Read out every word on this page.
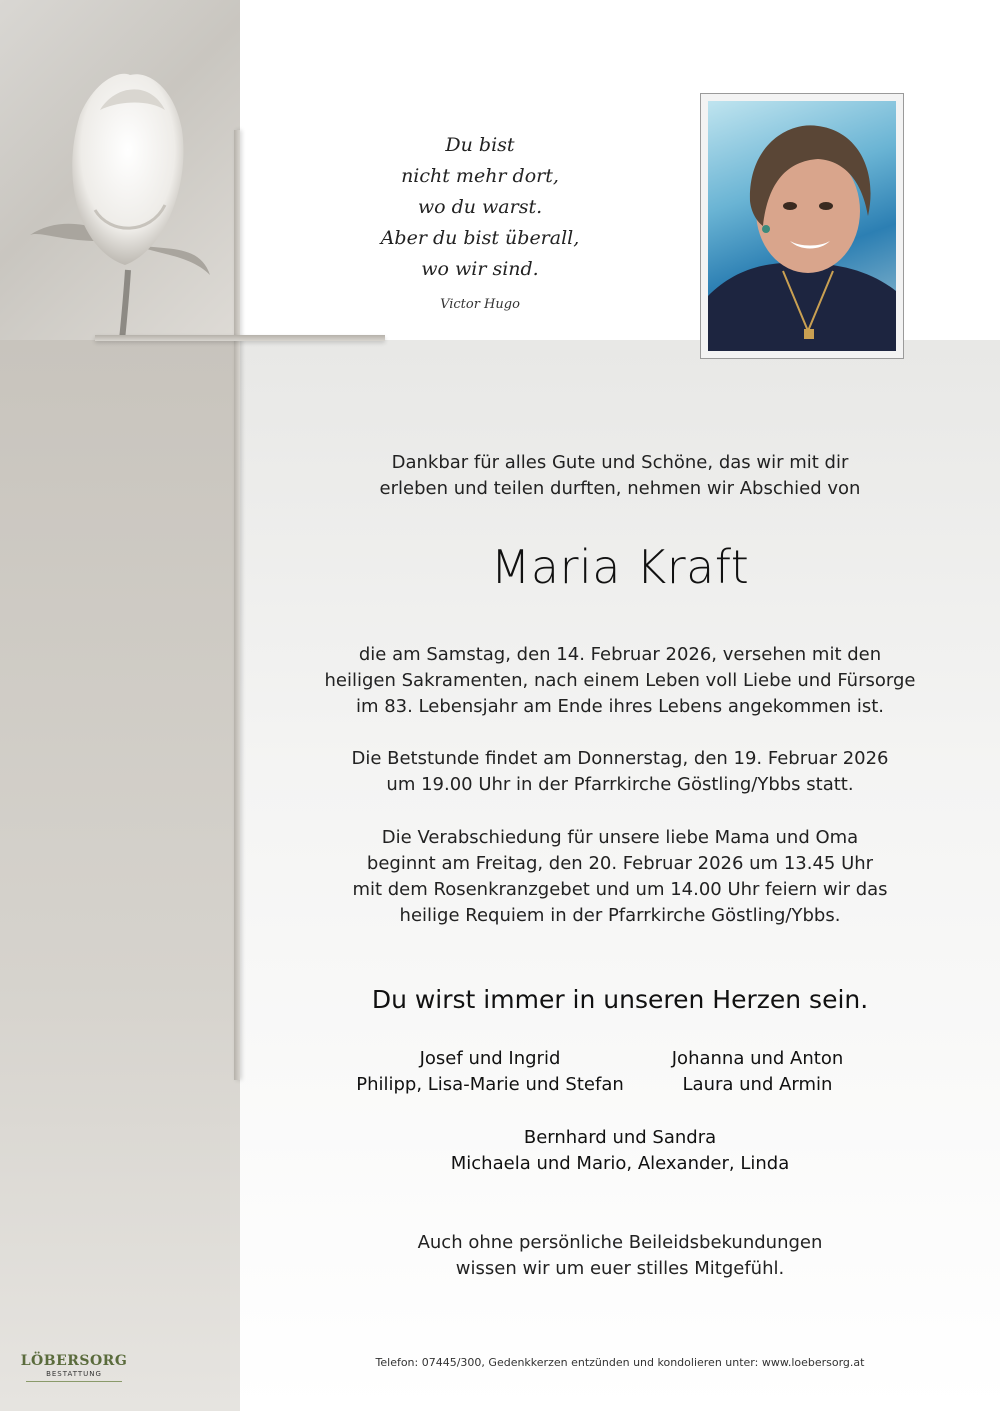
Du bist
nicht mehr dort,
wo du warst.
Aber du bist überall,
wo wir sind.
Victor Hugo
Dankbar für alles Gute und Schöne, das wir mit dir
erleben und teilen durften, nehmen wir Abschied von
Maria Kraft
die am Samstag, den 14. Februar 2026, versehen mit den
heiligen Sakramenten, nach einem Leben voll Liebe und Fürsorge
im 83. Lebensjahr am Ende ihres Lebens angekommen ist.
Die Betstunde findet am Donnerstag, den 19. Februar 2026
um 19.00 Uhr in der Pfarrkirche Göstling/Ybbs statt.
Die Verabschiedung für unsere liebe Mama und Oma
beginnt am Freitag, den 20. Februar 2026 um 13.45 Uhr
mit dem Rosenkranzgebet und um 14.00 Uhr feiern wir das
heilige Requiem in der Pfarrkirche Göstling/Ybbs.
Du wirst immer in unseren Herzen sein.
Josef und Ingrid
Philipp, Lisa-Marie und Stefan
Johanna und Anton
Laura und Armin
Bernhard und Sandra
Michaela und Mario, Alexander, Linda
Auch ohne persönliche Beileidsbekundungen
wissen wir um euer stilles Mitgefühl.
LÖBERSORG
BESTATTUNG
Telefon: 07445/300, Gedenkkerzen entzünden und kondolieren unter: www.loebersorg.at
